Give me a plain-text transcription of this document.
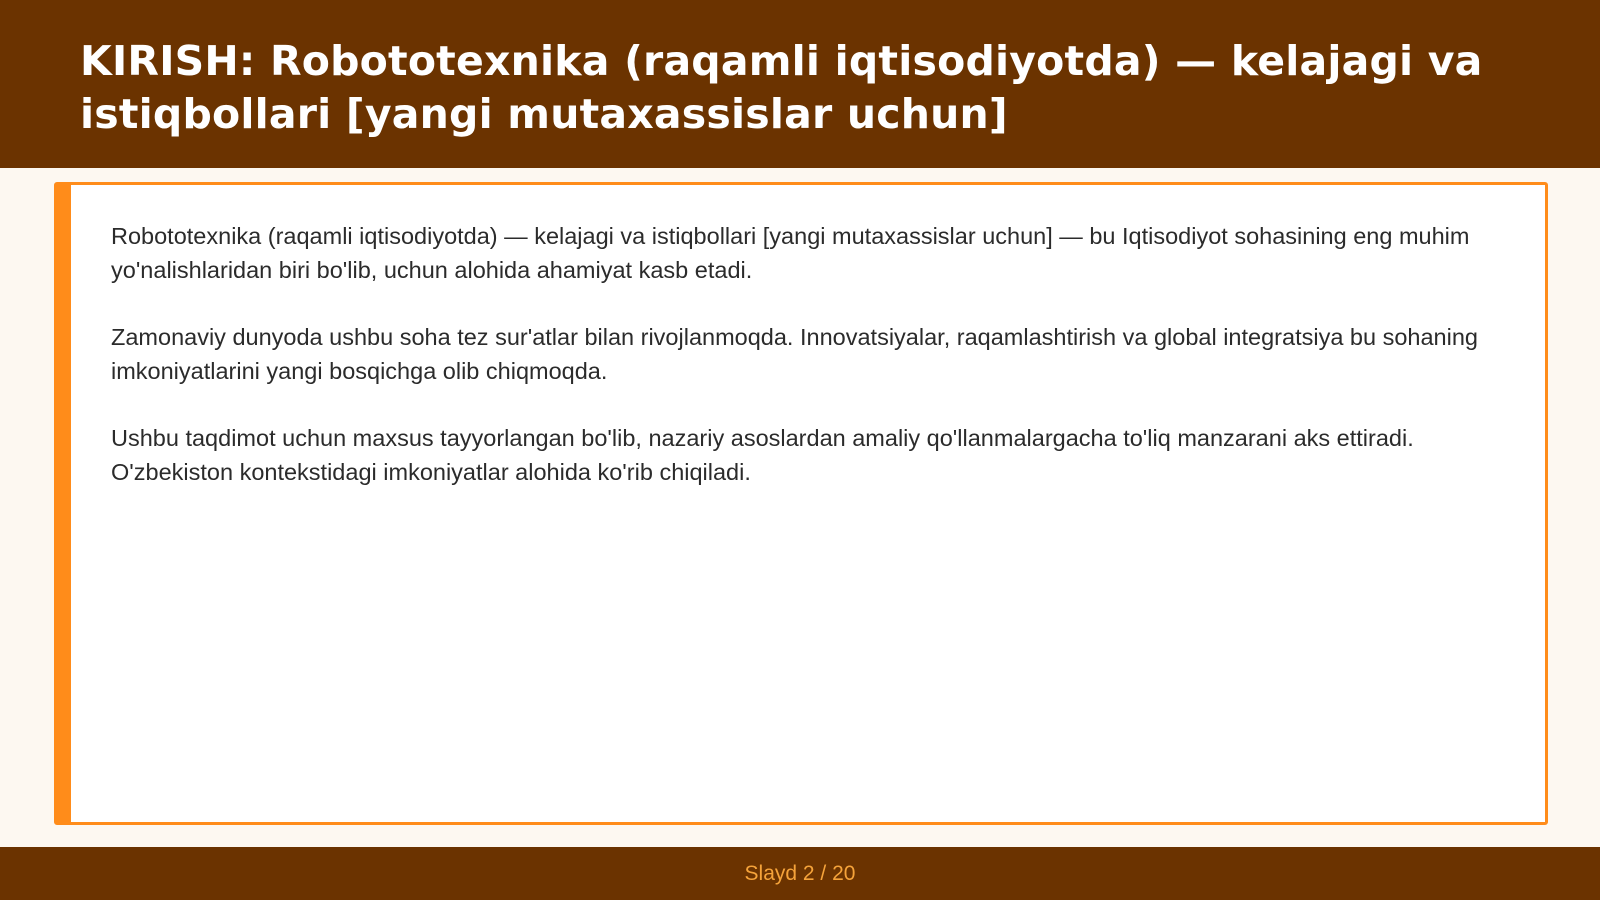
KIRISH: Robototexnika (raqamli iqtisodiyotda) — kelajagi va istiqbollari [yangi mutaxassislar uchun]

Robototexnika (raqamli iqtisodiyotda) — kelajagi va istiqbollari [yangi mutaxassislar uchun] — bu Iqtisodiyot sohasining eng muhim yo'nalishlaridan biri bo'lib, uchun alohida ahamiyat kasb etadi.

Zamonaviy dunyoda ushbu soha tez sur'atlar bilan rivojlanmoqda. Innovatsiyalar, raqamlashtirish va global integratsiya bu sohaning imkoniyatlarini yangi bosqichga olib chiqmoqda.

Ushbu taqdimot uchun maxsus tayyorlangan bo'lib, nazariy asoslardan amaliy qo'llanmalargacha to'liq manzarani aks ettiradi. O'zbekiston kontekstidagi imkoniyatlar alohida ko'rib chiqiladi.

Slayd 2 / 20
